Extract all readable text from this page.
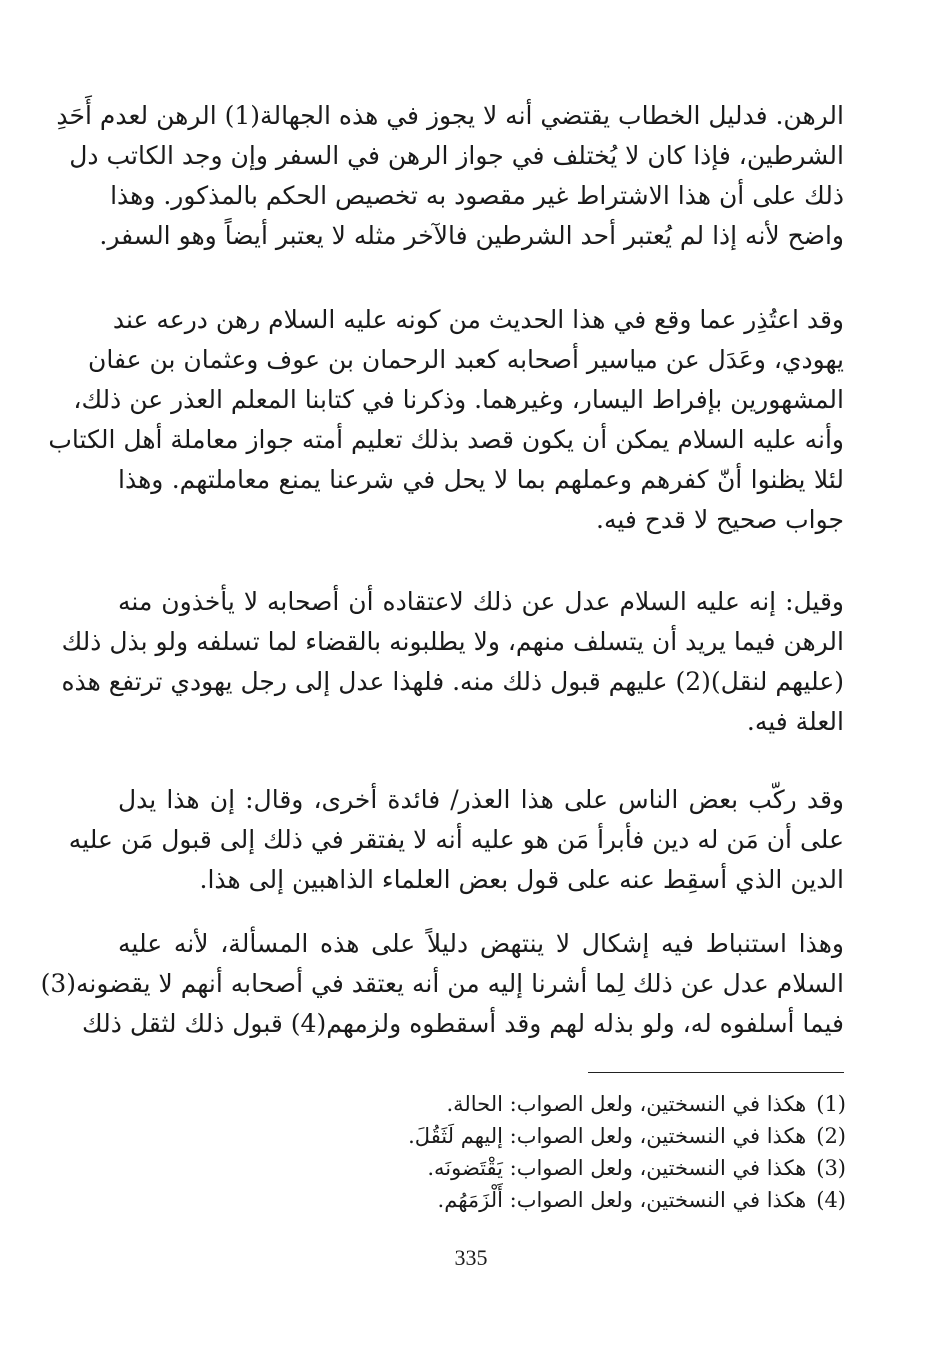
الرهن. فدليل الخطاب يقتضي أنه لا يجوز في هذه الجهالة(1) الرهن لعدم أَحَدِ
الشرطين، فإذا كان لا يُختلف في جواز الرهن في السفر وإن وجد الكاتب دل
ذلك على أن هذا الاشتراط غير مقصود به تخصيص الحكم بالمذكور. وهذا
واضح لأنه إذا لم يُعتبر أحد الشرطين فالآخر مثله لا يعتبر أيضاً وهو السفر.

وقد اعتُذِر عما وقع في هذا الحديث من كونه عليه السلام رهن درعه عند
يهودي، وعَدَل عن مياسير أصحابه كعبد الرحمان بن عوف وعثمان بن عفان
المشهورين بإفراط اليسار، وغيرهما. وذكرنا في كتابنا المعلم العذر عن ذلك،
وأنه عليه السلام يمكن أن يكون قصد بذلك تعليم أمته جواز معاملة أهل الكتاب
لئلا يظنوا أنّ كفرهم وعملهم بما لا يحل في شرعنا يمنع معاملتهم. وهذا
جواب صحيح لا قدح فيه.

وقيل: إنه عليه السلام عدل عن ذلك لاعتقاده أن أصحابه لا يأخذون منه
الرهن فيما يريد أن يتسلف منهم، ولا يطلبونه بالقضاء لما تسلفه ولو بذل ذلك
(عليهم لنقل)(2) عليهم قبول ذلك منه. فلهذا عدل إلى رجل يهودي ترتفع هذه
العلة فيه.

وقد ركّب بعض الناس على هذا العذر/ فائدة أخرى، وقال: إن هذا يدل
على أن مَن له دين فأبرأ مَن هو عليه أنه لا يفتقر في ذلك إلى قبول مَن عليه
الدين الذي أسقِط عنه على قول بعض العلماء الذاهبين إلى هذا.

وهذا استنباط فيه إشكال لا ينتهض دليلاً على هذه المسألة، لأنه عليه
السلام عدل عن ذلك لِما أشرنا إليه من أنه يعتقد في أصحابه أنهم لا يقضونه(3)
فيما أسلفوه له، ولو بذله لهم وقد أسقطوه ولزمهم(4) قبول ذلك لثقل ذلك

(1)هكذا في النسختين، ولعل الصواب: الحالة.
(2)هكذا في النسختين، ولعل الصواب: إليهم لَثَقُلَ.
(3)هكذا في النسختين، ولعل الصواب: يَقْتَضونَه.
(4)هكذا في النسختين، ولعل الصواب: أَلْزَمَهُم.
335
